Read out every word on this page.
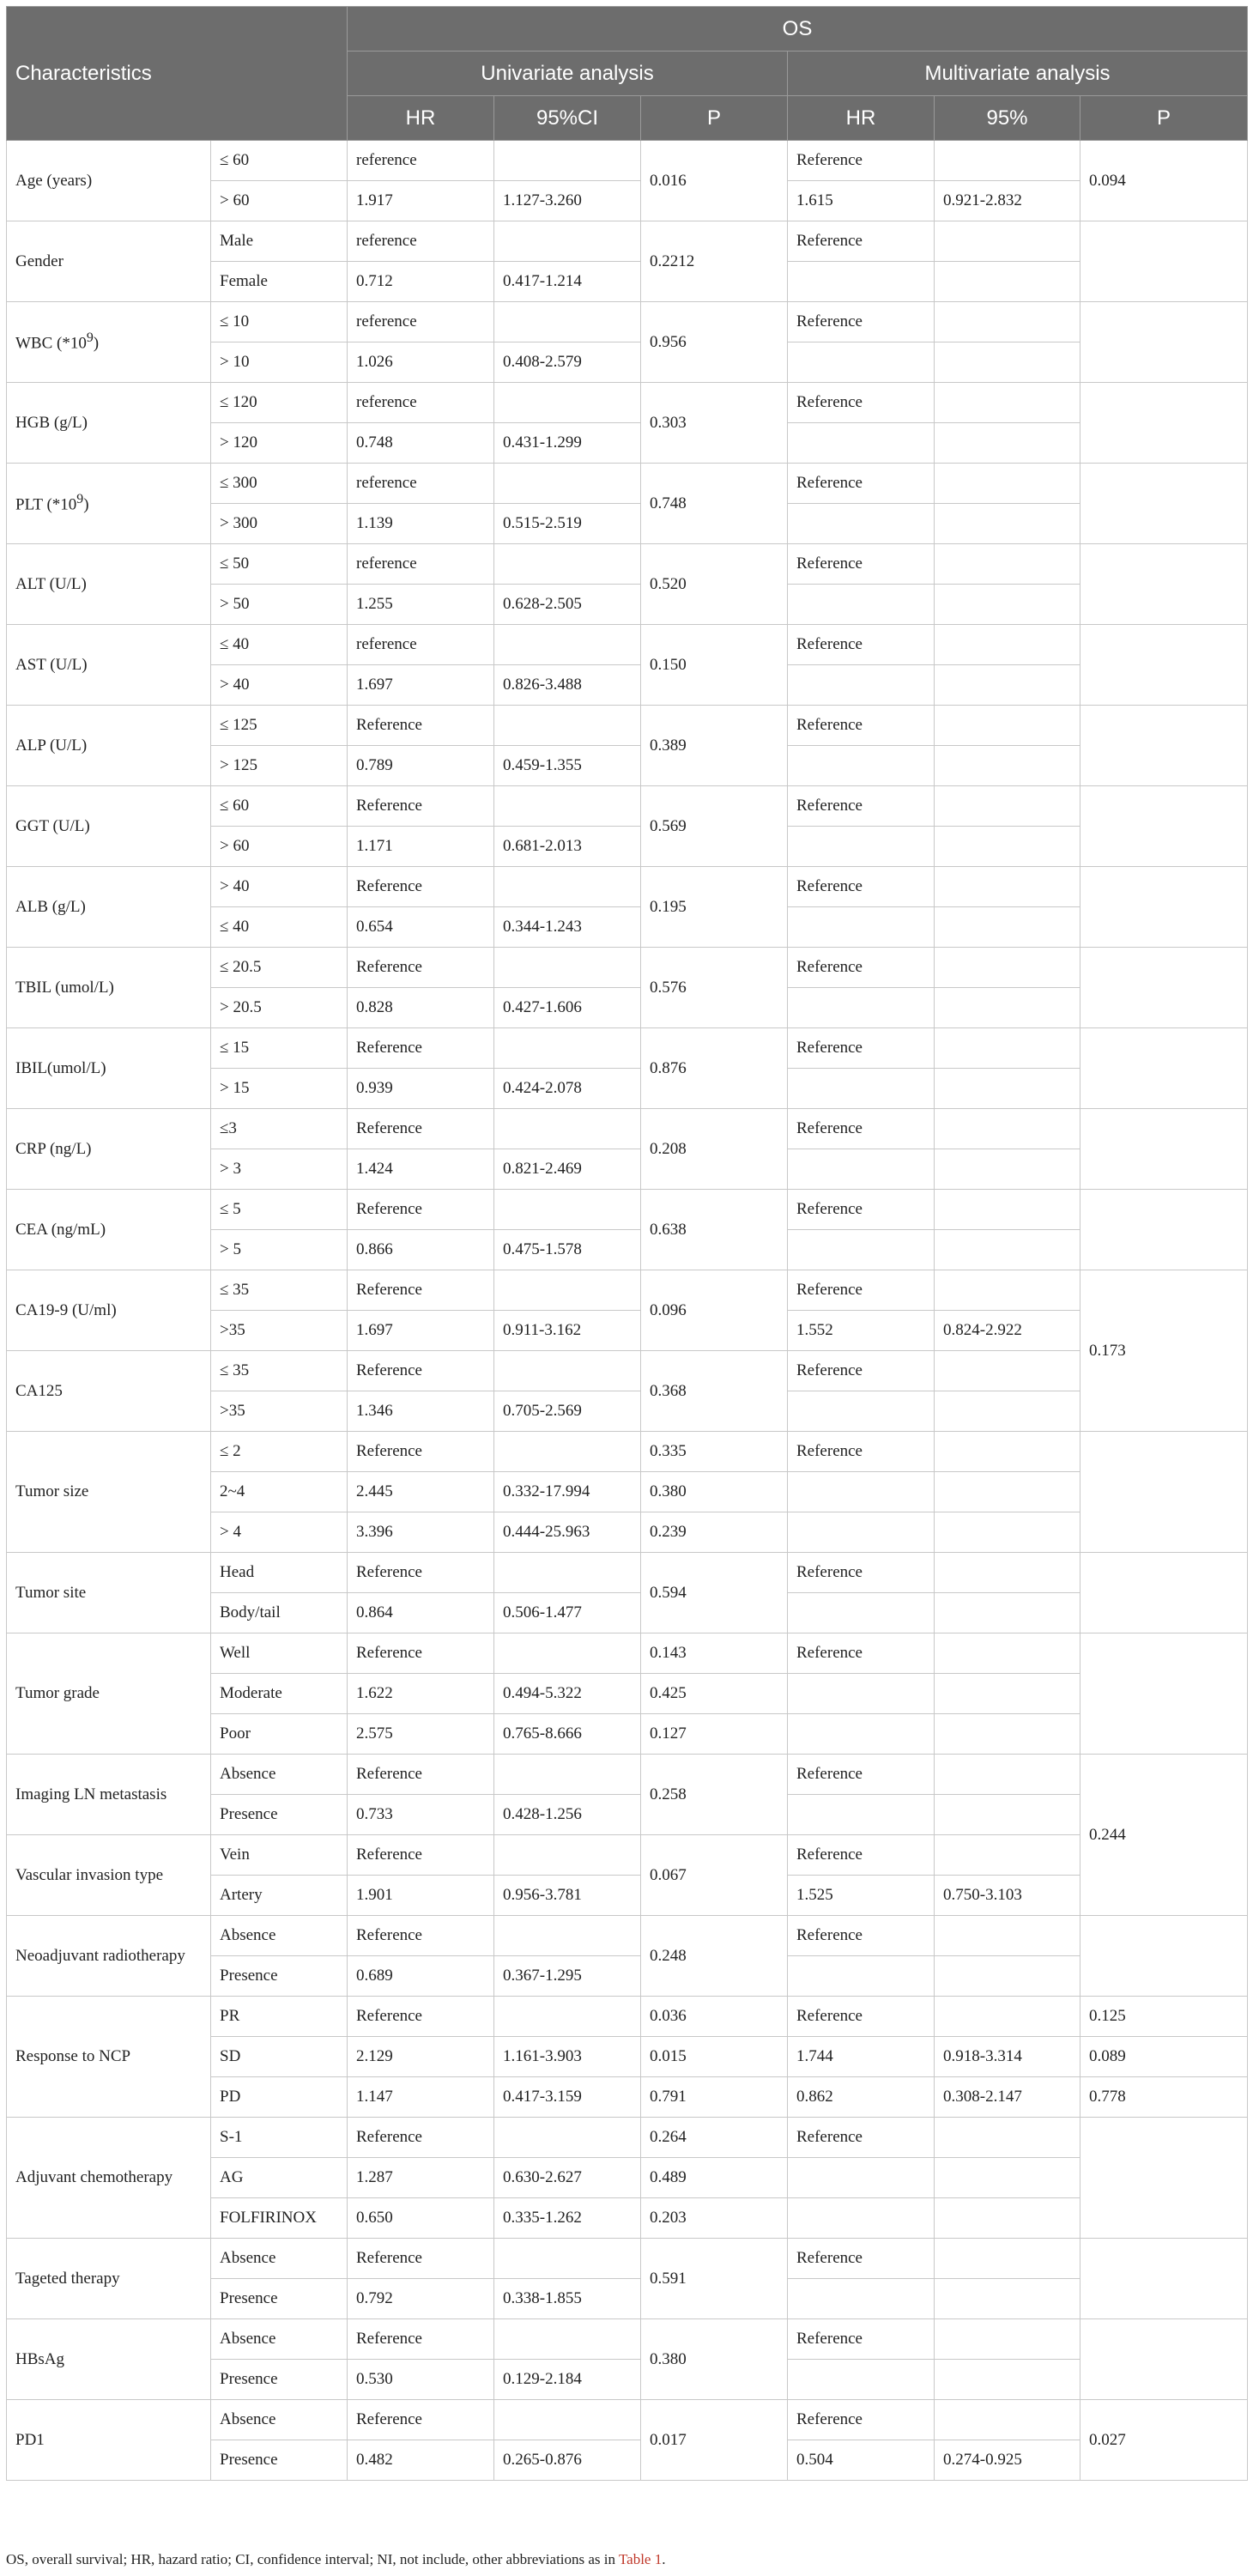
Characteristics		OS					
		Univariate analysis			Multivariate analysis		
		HR	95%CI	P	HR	95%	P
Age (years)	≤ 60	reference		0.016	Reference		0.094
	> 60	1.917	1.127-3.260		1.615	0.921-2.832	
Gender	Male	reference		0.2212	Reference		
	Female	0.712	0.417-1.214				
WBC $(*10^9)$	≤ 10	reference		0.956	Reference		
	> 10	1.026	0.408-2.579				
HGB (g/L)	≤ 120	reference		0.303	Reference		
	> 120	0.748	0.431-1.299				
PLT $(*10^9)$	≤ 300	reference		0.748	Reference		
	> 300	1.139	0.515-2.519				
ALT (U/L)	≤ 50	reference		0.520	Reference		
	> 50	1.255	0.628-2.505				
AST (U/L)	≤ 40	reference		0.150	Reference		
	> 40	1.697	0.826-3.488				
ALP (U/L)	≤ 125	Reference		0.389	Reference		
	> 125	0.789	0.459-1.355				
GGT (U/L)	≤ 60	Reference		0.569	Reference		
	> 60	1.171	0.681-2.013				
ALB (g/L)	> 40	Reference		0.195	Reference		
	≤ 40	0.654	0.344-1.243				
TBIL (umol/L)	≤ 20.5	Reference		0.576	Reference		
	> 20.5	0.828	0.427-1.606				
IBIL(umol/L)	≤ 15	Reference		0.876	Reference		
	> 15	0.939	0.424-2.078				
CRP (ng/L)	≤3	Reference		0.208	Reference		
	> 3	1.424	0.821-2.469				
CEA (ng/mL)	≤ 5	Reference		0.638	Reference		
	> 5	0.866	0.475-1.578				
CA19-9 (U/ml)	≤ 35	Reference		0.096	Reference		0.173
	>35	1.697	0.911-3.162		1.552	0.824-2.922	
CA125	≤ 35	Reference		0.368	Reference		
	>35	1.346	0.705-2.569				
Tumor size	≤ 2	Reference		0.335	Reference		
	2~4	2.445	0.332-17.994	0.380			
	> 4	3.396	0.444-25.963	0.239			
Tumor site	Head	Reference		0.594	Reference		
	Body/tail	0.864	0.506-1.477				
Tumor grade	Well	Reference		0.143	Reference		
	Moderate	1.622	0.494-5.322	0.425			
	Poor	2.575	0.765-8.666	0.127			
Imaging LN metastasis	Absence	Reference		0.258	Reference		0.244
	Presence	0.733	0.428-1.256				
Vascular invasion type	Vein	Reference		0.067	Reference		
	Artery	1.901	0.956-3.781		1.525	0.750-3.103	
Neoadjuvant radiotherapy	Absence	Reference		0.248	Reference		
	Presence	0.689	0.367-1.295				
Response to NCP	PR	Reference		0.036	Reference		0.125
	SD	2.129	1.161-3.903	0.015	1.744	0.918-3.314	0.089
	PD	1.147	0.417-3.159	0.791	0.862	0.308-2.147	0.778
Adjuvant chemotherapy	S-1	Reference		0.264	Reference		
	AG	1.287	0.630-2.627	0.489			
	FOLFIRINOX	0.650	0.335-1.262	0.203			
Tageted therapy	Absence	Reference		0.591	Reference		
	Presence	0.792	0.338-1.855				
HBsAg	Absence	Reference		0.380	Reference		
	Presence	0.530	0.129-2.184				
PD1	Absence	Reference		0.017	Reference		0.027
	Presence	0.482	0.265-0.876		0.504	0.274-0.925	
OS, overall survival; HR, hazard ratio; CI, confidence interval; NI, not include, other abbreviations as in Table 1.
